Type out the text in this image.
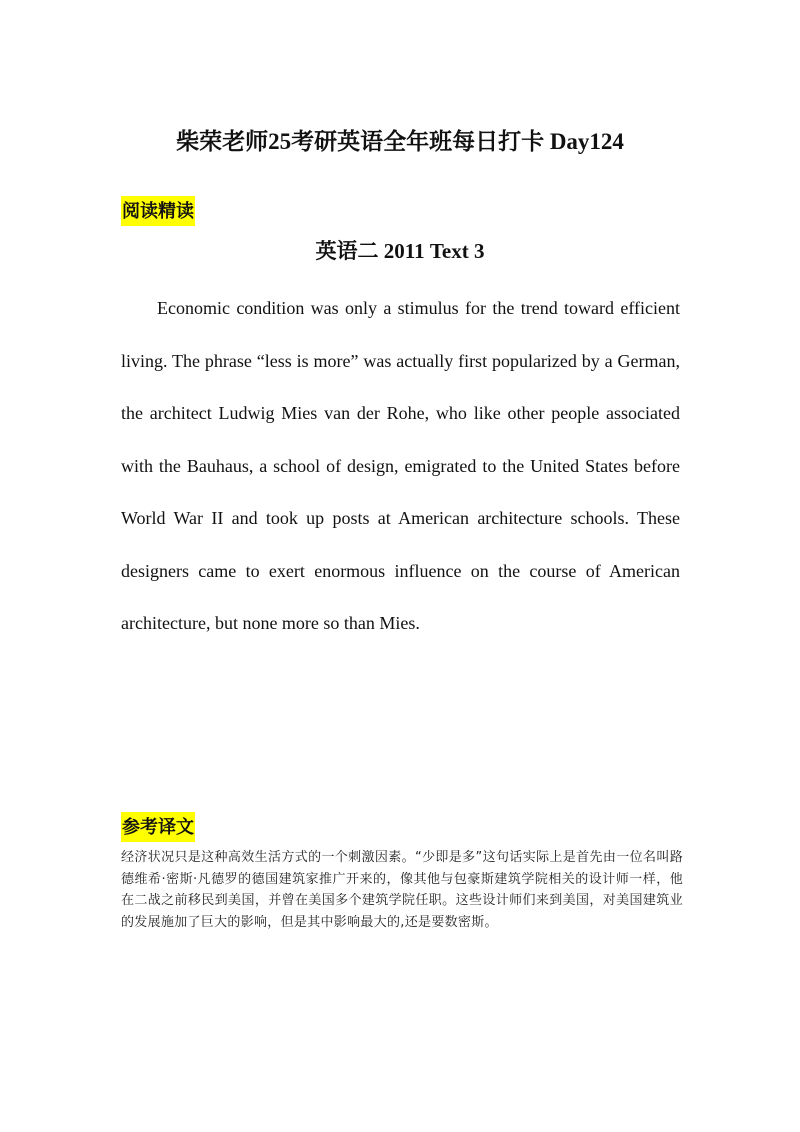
柴荣老师25考研英语全年班每日打卡 Day124
阅读精读
英语二 2011 Text 3

Economic condition was only a stimulus for the trend toward efficient living. The phrase “less is more” was actually first popularized by a German, the architect Ludwig Mies van der Rohe, who like other people associated with the Bauhaus, a school of design, emigrated to the United States before World War II and took up posts at American architecture schools. These designers came to exert enormous influence on the course of American architecture, but none more so than Mies.

参考译文

经济状况只是这种高效生活方式的一个刺激因素。“少即是多”这句话实际上是首先由一位名叫路德维希·密斯·凡德罗的德国建筑家推广开来的，像其他与包豪斯建筑学院相关的设计师一样，他在二战之前移民到美国，并曾在美国多个建筑学院任职。这些设计师们来到美国，对美国建筑业的发展施加了巨大的影响，但是其中影响最大的,还是要数密斯。
